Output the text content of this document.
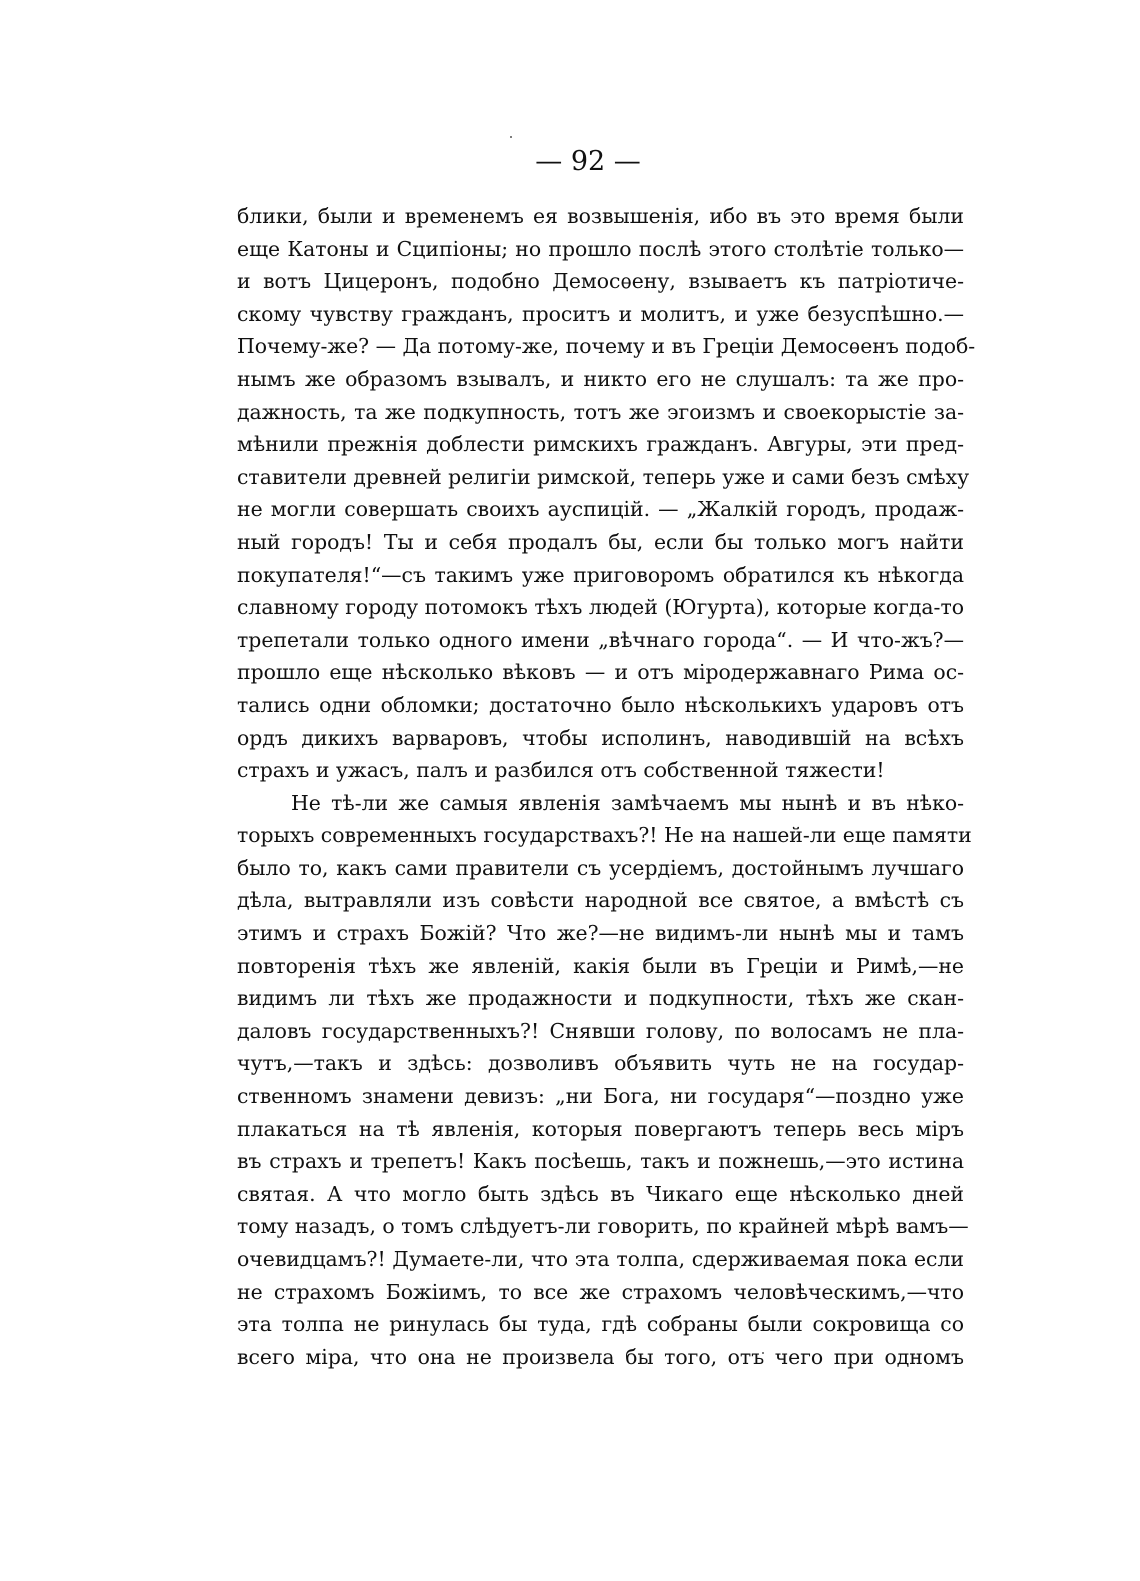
— 92 —
блики, были и временемъ ея возвышенія, ибо въ это время были
еще Катоны и Сципіоны; но прошло послѣ этого столѣтіе только—
и вотъ Цицеронъ, подобно Демосѳену, взываетъ къ патріотиче-
скому чувству гражданъ, проситъ и молитъ, и уже безуспѣшно.—
Почему-же? — Да потому-же, почему и въ Греціи Демосѳенъ подоб-
нымъ же образомъ взывалъ, и никто его не слушалъ: та же про-
дажность, та же подкупность, тотъ же эгоизмъ и своекорыстіе за-
мѣнили прежнія доблести римскихъ гражданъ. Авгуры, эти пред-
ставители древней религіи римской, теперь уже и сами безъ смѣху
не могли совершать своихъ ауспицій. — „Жалкій городъ, продаж-
ный городъ! Ты и себя продалъ бы, если бы только могъ найти
покупателя!“—съ такимъ уже приговоромъ обратился къ нѣкогда
славному городу потомокъ тѣхъ людей (Югурта), которые когда-то
трепетали только одного имени „вѣчнаго города“. — И что-жъ?—
прошло еще нѣсколько вѣковъ — и отъ міродержавнаго Рима ос-
тались одни обломки; достаточно было нѣсколькихъ ударовъ отъ
ордъ дикихъ варваровъ, чтобы исполинъ, наводившій на всѣхъ
страхъ и ужасъ, палъ и разбился отъ собственной тяжести!
Не тѣ-ли же самыя явленія замѣчаемъ мы нынѣ и въ нѣко-
торыхъ современныхъ государствахъ?! Не на нашей-ли еще памяти
было то, какъ сами правители съ усердіемъ, достойнымъ лучшаго
дѣла, вытравляли изъ совѣсти народной все святое, а вмѣстѣ съ
этимъ и страхъ Божій? Что же?—не видимъ-ли нынѣ мы и тамъ
повторенія тѣхъ же явленій, какія были въ Греціи и Римѣ,—не
видимъ ли тѣхъ же продажности и подкупности, тѣхъ же скан-
даловъ государственныхъ?! Снявши голову, по волосамъ не пла-
чутъ,—такъ и здѣсь: дозволивъ объявить чуть не на государ-
ственномъ знамени девизъ: „ни Бога, ни государя“—поздно уже
плакаться на тѣ явленія, которыя повергаютъ теперь весь міръ
въ страхъ и трепетъ! Какъ посѣешь, такъ и пожнешь,—это истина
святая. А что могло быть здѣсь въ Чикаго еще нѣсколько дней
тому назадъ, о томъ слѣдуетъ-ли говорить, по крайней мѣрѣ вамъ—
очевидцамъ?! Думаете-ли, что эта толпа, сдерживаемая пока если
не страхомъ Божіимъ, то все же страхомъ человѣческимъ,—что
эта толпа не ринулась бы туда, гдѣ собраны были сокровища со
всего міра, что она не произвела бы того, отъ чего при одномъ
